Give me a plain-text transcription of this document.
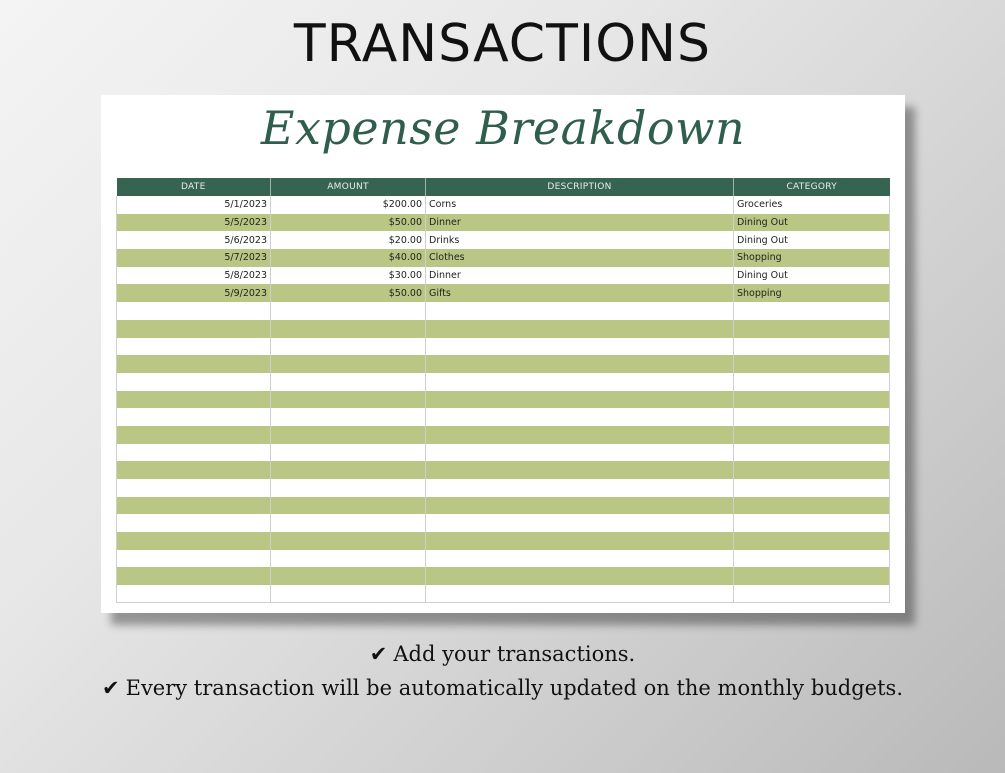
TRANSACTIONS
Expense Breakdown
DATE	AMOUNT	DESCRIPTION	CATEGORY
5/1/2023	$200.00	Corns	Groceries
5/5/2023	$50.00	Dinner	Dining Out
5/6/2023	$20.00	Drinks	Dining Out
5/7/2023	$40.00	Clothes	Shopping
5/8/2023	$30.00	Dinner	Dining Out
5/9/2023	$50.00	Gifts	Shopping

✔ Add your transactions.
✔ Every transaction will be automatically updated on the monthly budgets.
